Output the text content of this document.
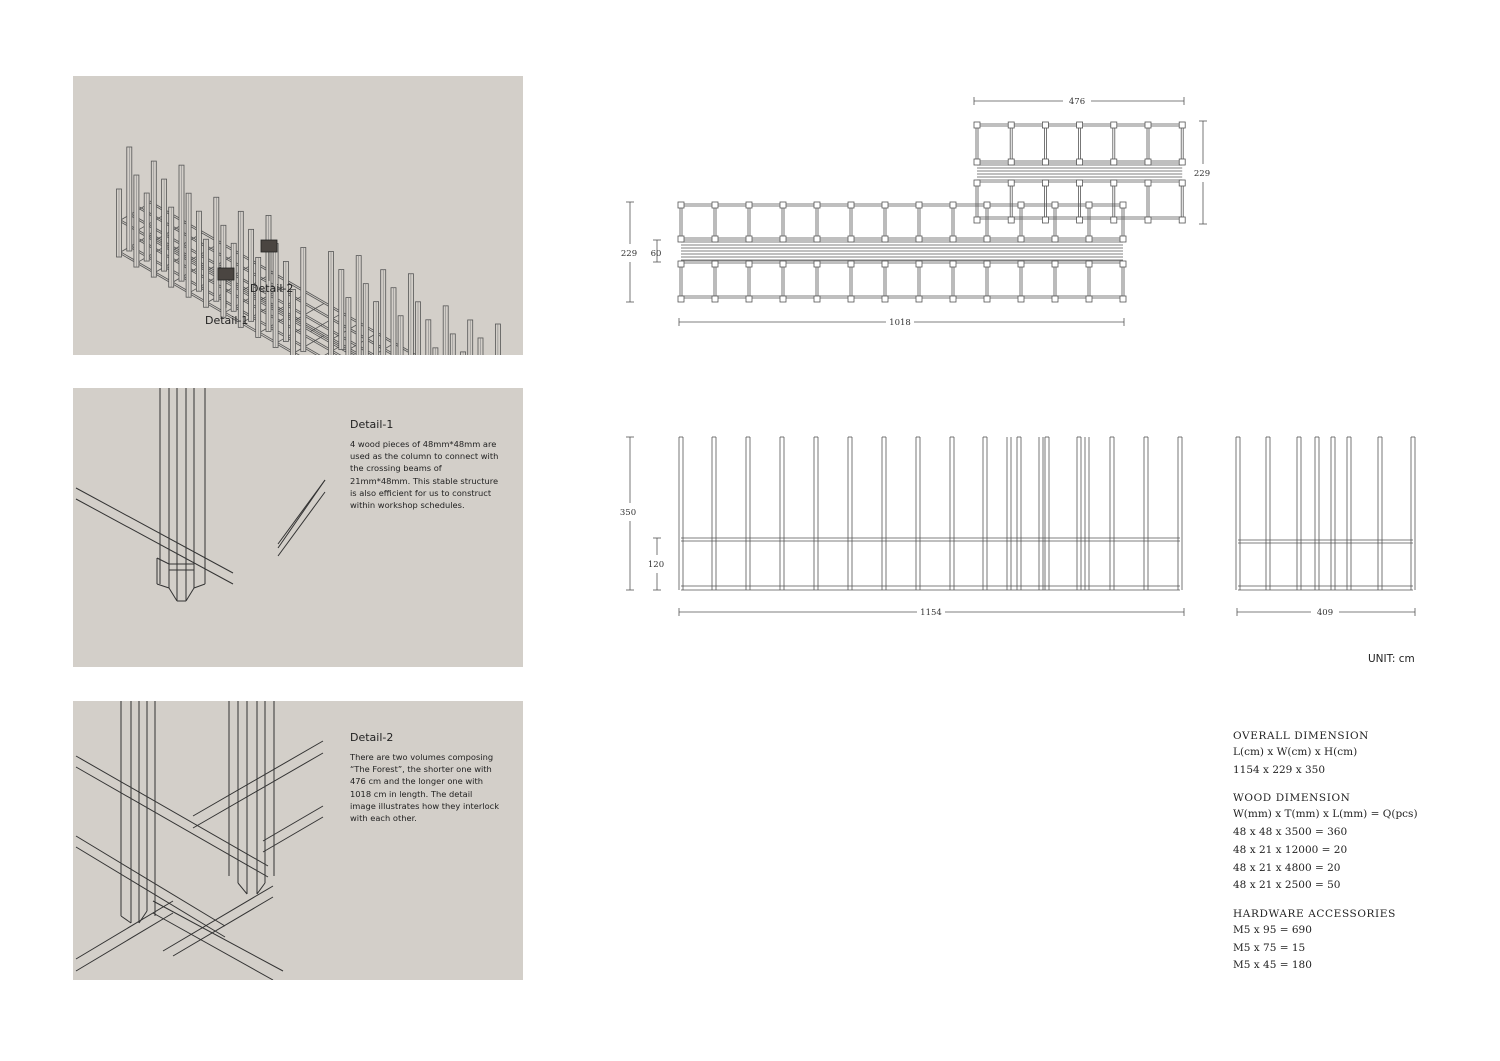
Detail-2
Detail-1
Detail-1
4 wood pieces of 48mm*48mm are used as the column to connect with the crossing beams of 21mm*48mm. This stable structure is also efficient for us to construct within workshop schedules.
Detail-2
There are two volumes composing “The Forest”, the shorter one with 476 cm and the longer one with 1018 cm in length. The detail image illustrates how they interlock with each other.
476
229
229 60
1018
350
120
1154	409
UNIT: cm
OVERALL DIMENSION
L(cm) x W(cm) x H(cm)
1154 x 229 x 350
WOOD DIMENSION
W(mm) x T(mm) x L(mm) = Q(pcs)
48 x 48 x 3500 = 360
48 x 21 x 12000 = 20
48 x 21 x 4800 = 20
48 x 21 x 2500 = 50
HARDWARE ACCESSORIES
M5 x 95 = 690
M5 x 75 = 15
M5 x 45 = 180
